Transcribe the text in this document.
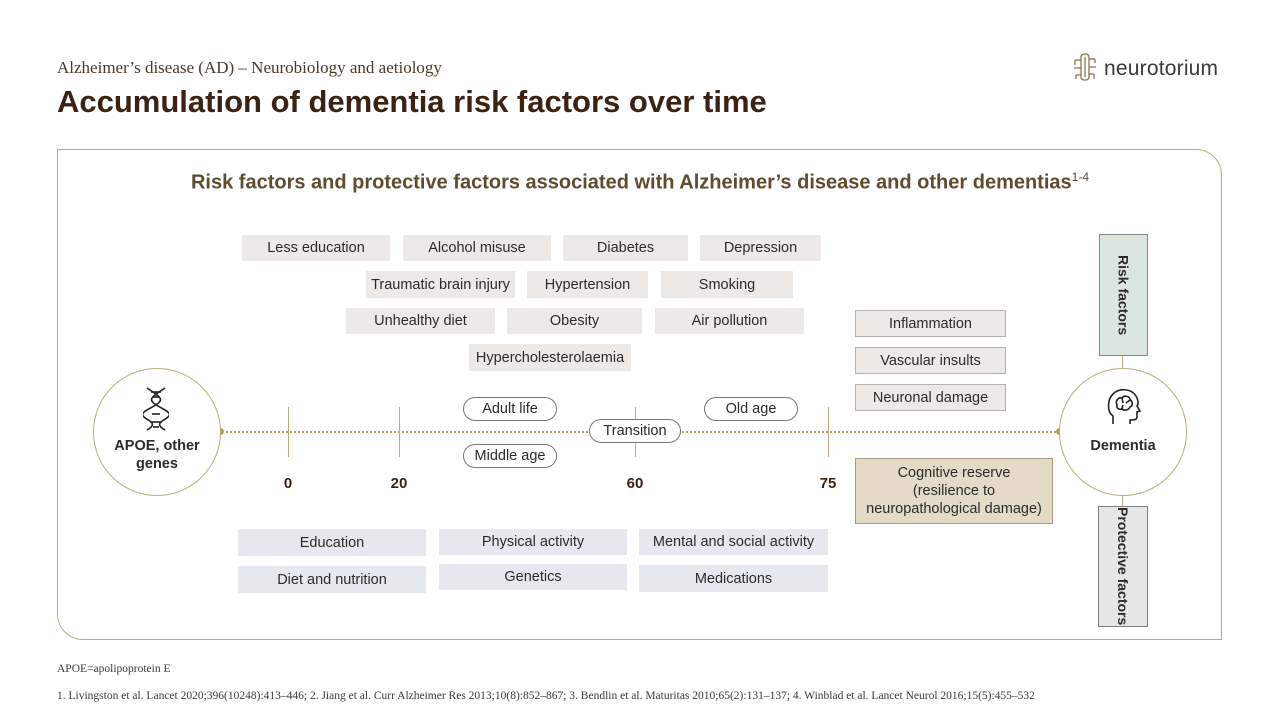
Alzheimer’s disease (AD) – Neurobiology and aetiology
Accumulation of dementia risk factors over time
neurotorium
Risk factors and protective factors associated with Alzheimer’s disease and other dementias$^{1-4}$
Less education	Alcohol misuse	Diabetes	Depression
Traumatic brain injury	Hypertension	Smoking
Unhealthy diet	Obesity	Air pollution
Hypercholesterolaemia
Inflammation
Vascular insults
Neuronal damage
Cognitive reserve
(resilience to
neuropathological damage)
0	20	60	75
Adult life
Middle age
Transition
Old age
APOE, other genes
Dementia
Risk factors
Protective factors
Education	Physical activity	Mental and social activity
Diet and nutrition	Genetics	Medications
APOE=apolipoprotein E
1. Livingston et al. Lancet 2020;396(10248):413–446; 2. Jiang et al. Curr Alzheimer Res 2013;10(8):852–867; 3. Bendlin et al. Maturitas 2010;65(2):131–137; 4. Winblad et al. Lancet Neurol 2016;15(5):455–532
